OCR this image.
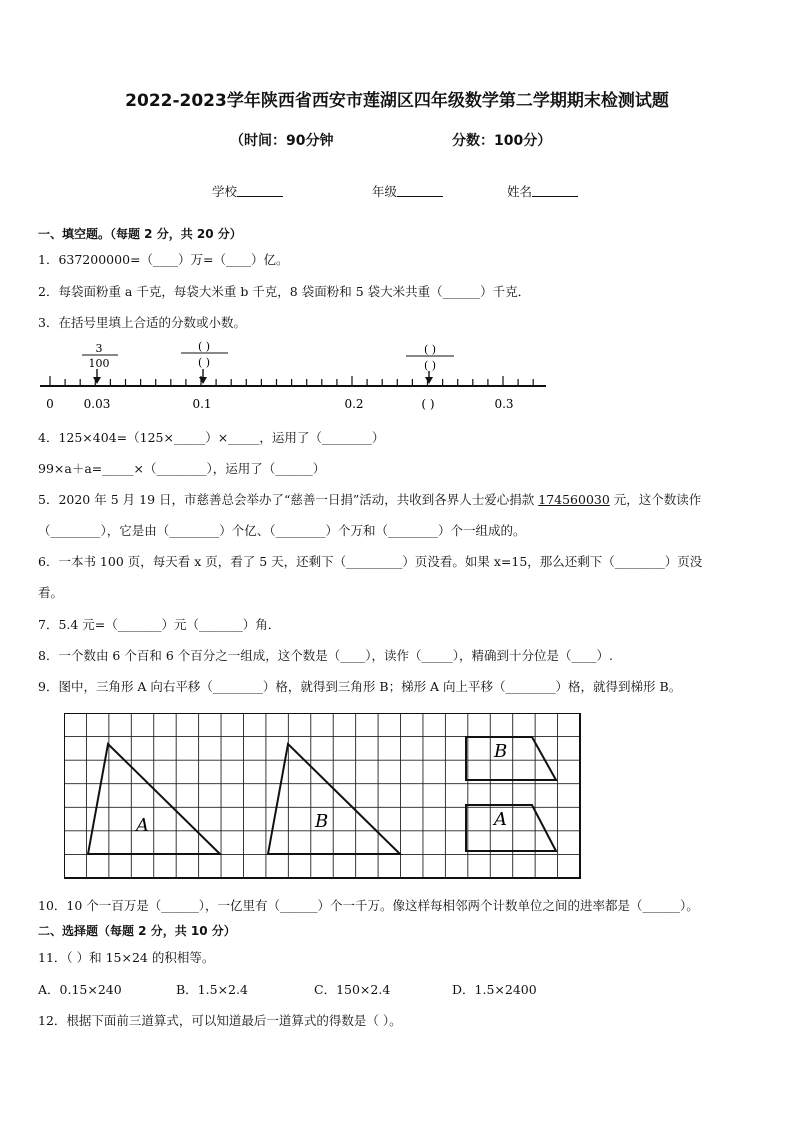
2022-2023学年陕西省西安市莲湖区四年级数学第二学期期末检测试题
（时间：90分钟	分数：100分）
学校	年级	姓名
一、填空题。（每题 2 分，共 20 分）
1．637200000=（____）万=（____）亿。
2．每袋面粉重 a 千克，每袋大米重 b 千克，8 袋面粉和 5 袋大米共重（______）千克．
3．在括号里填上合适的分数或小数。
3
100
( )
( )
( )
( )
0 0.03	0.1	0.2	( )	0.3
4．125×404=（125×_____）×_____，运用了（________）
99×a＋a=_____×（________），运用了（______）
5．2020 年 5 月 19 日，市慈善总会举办了“慈善一日捐”活动，共收到各界人士爱心捐款 174560030 元，这个数读作
（________），它是由（________）个亿、（________）个万和（________）个一组成的。
6．一本书 100 页，每天看 x 页，看了 5 天，还剩下（_________）页没看。如果 x=15，那么还剩下（________）页没
看。
7．5.4 元=（_______）元（_______）角．
8．一个数由 6 个百和 6 个百分之一组成，这个数是（____），读作（_____），精确到十分位是（____）.
9．图中，三角形 A 向右平移（________）格，就得到三角形 B；梯形 A 向上平移（________）格，就得到梯形 B。
A	B
B
A
10．10 个一百万是（______），一亿里有（______）个一千万。像这样每相邻两个计数单位之间的进率都是（______）。
二、选择题（每题 2 分，共 10 分）
11．（ ）和 15×24 的积相等。
A．0.15×240	B．1.5×2.4	C．150×2.4	D．1.5×2400
12．根据下面前三道算式，可以知道最后一道算式的得数是（ ）。
